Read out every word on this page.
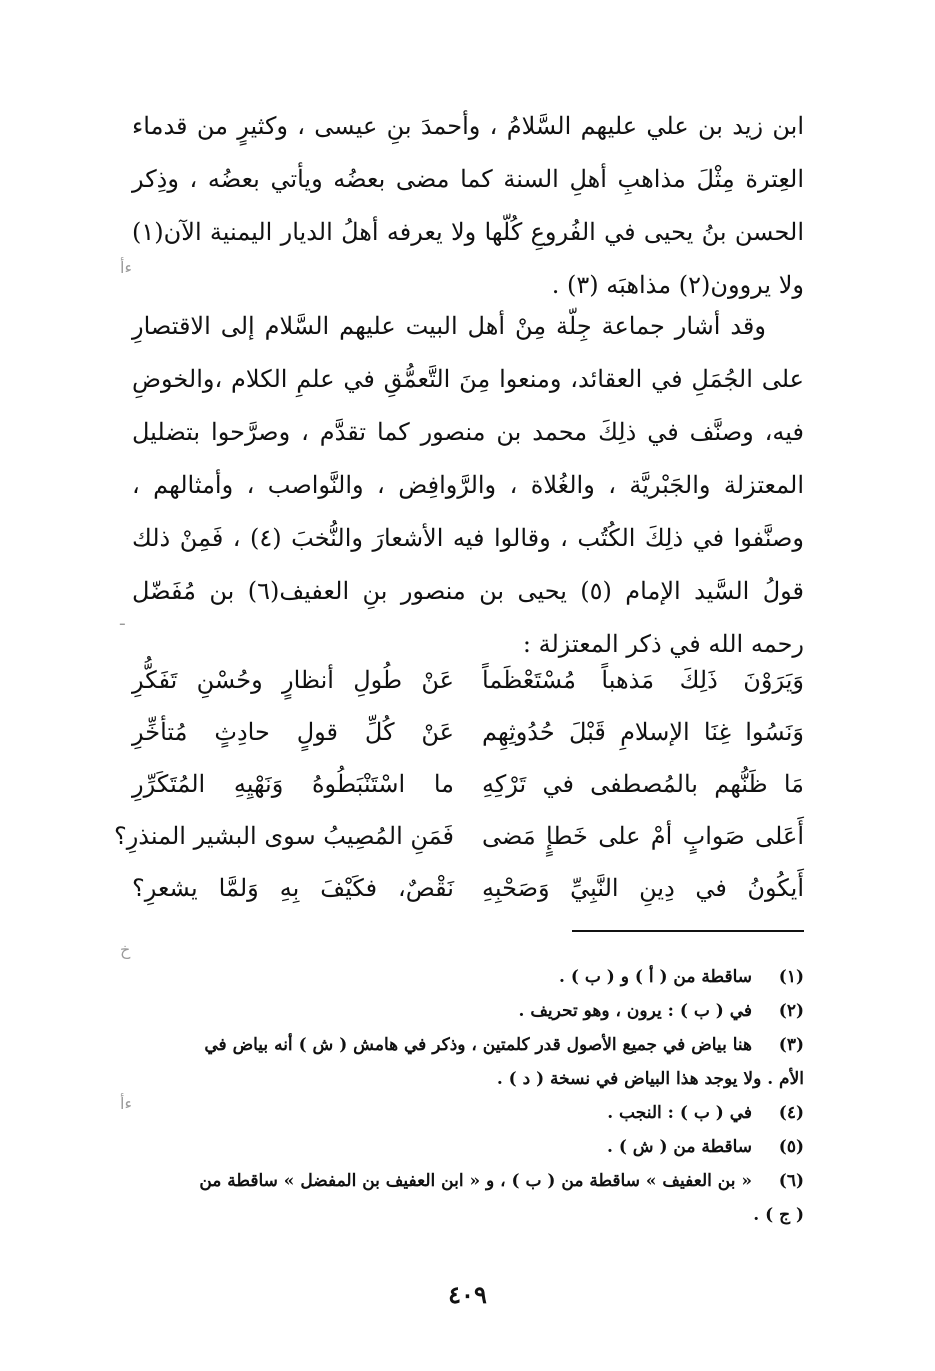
ابن زيد بن علي عليهم السَّلامُ ، وأحمدَ بنِ عيسى ، وكثيرٍ من قدماء العِترة مِثْلَ مذاهبِ أهلِ السنة كما مضى بعضُه ويأتي بعضُه ، وذِكر الحسن بنُ يحيى في الفُروعِ كُلّها ولا يعرفه أهلُ الديار اليمنية الآن(١) ولا يروون(٢) مذاهبَه (٣) .

وقد أشار جماعة جِلّة مِنْ أهل البيت عليهم السَّلام إلى الاقتصارِ على الجُمَلِ في العقائد، ومنعوا مِنَ التَّعمُّقِ في علمِ الكلام ،والخوضِ فيه، وصنَّف في ذلِكَ محمد بن منصور كما تقدَّم ، وصرَّحوا بتضليل المعتزلة والجَبْريَّة ، والغُلاة ، والرَّوافِض ، والنَّواصب ، وأمثالهم ، وصنَّفوا في ذلِكَ الكُتُب ، وقالوا فيه الأشعارَ والنُّخبَ (٤) ، فَمِنْ ذلك قولُ السَّيد الإمام (٥) يحيى بن منصور بنِ العفيف(٦) بن مُفَضّل رحمه الله في ذكر المعتزلة :

وَيَرَوْنَ ذَلِكَ مَذهباً مُسْتَعْظَماً
عَنْ طُولِ أنظارٍ وحُسْنِ تَفَكُّرِ
وَنَسُوا غِنَا الإسلامِ قَبْلَ حُدُوثِهِم
عَنْ كُلِّ قولٍ حادِثٍ مُتأخِّرِ
مَا ظَنُّهم بالمُصطفى في تَرْكِهِ
ما اسْتَنْبَطُوهُ وَنَهْيِهِ المُتَكَرِّرِ
أَعَلى صَوابٍ أمْ على خَطإٍ مَضى
فَمَنِ المُصِيبُ سوى البشير المنذرِ؟
أَيكُونُ في دِينِ النَّبِيِّ وَصَحْبِهِ
نَقْصٌ، فكَيْفَ بِهِ وَلمَّا يشعرِ؟
(١)
ساقطة من ( أ ) و ( ب ) .
(٢)
في ( ب ) : يرون ، وهو تحريف .
(٣)
هنا بياض في جميع الأصول قدر كلمتين ، وذكر في هامش ( ش ) أنه بياض في
الأم . ولا يوجد هذا البياض في نسخة ( د ) .
(٤)
في ( ب ) : النجب .
(٥)
ساقطة من ( ش ) .
(٦)
« بن العفيف » ساقطة من ( ب ) ، و « ابن العفيف بن المفضل » ساقطة من
( ج ) .
٤٠٩
ءأ
ـ
خ
ءأ
